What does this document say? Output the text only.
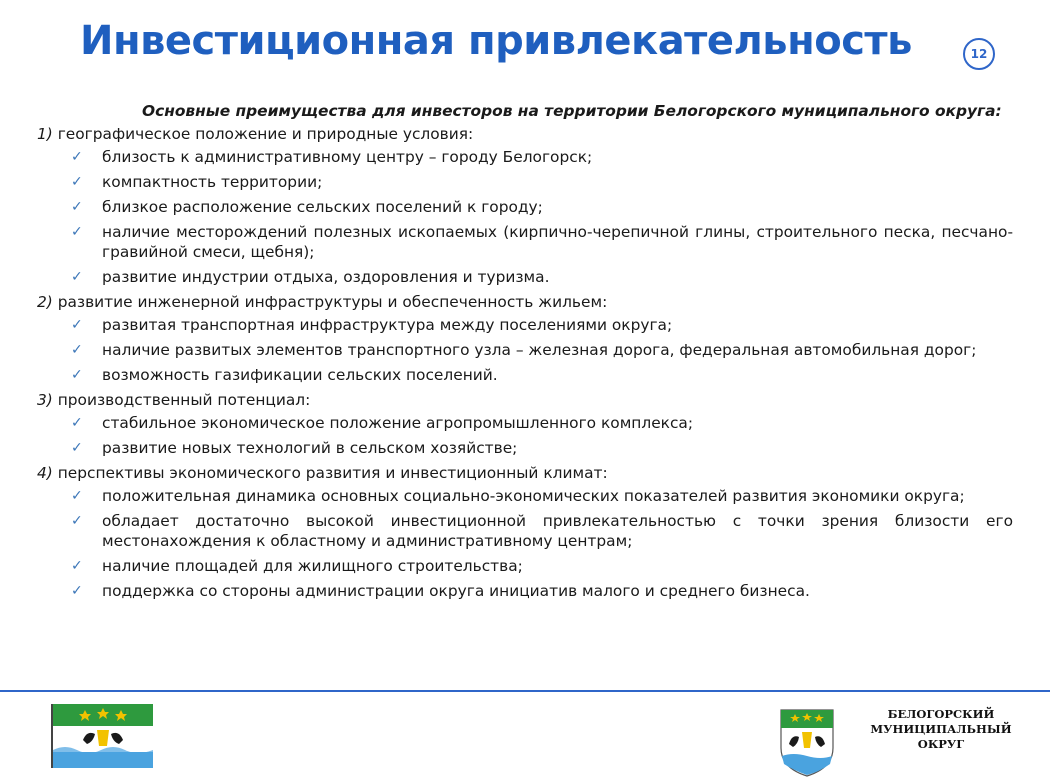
Инвестиционная привлекательность	12

Основные преимущества для инвесторов на территории Белогорского муниципального округа:

1) географическое положение и природные условия:
✓ близость к административному центру – городу Белогорск;
✓ компактность территории;
✓ близкое расположение сельских поселений к городу;
✓ наличие месторождений полезных ископаемых (кирпично-черепичной глины, строительного песка, песчано-гравийной смеси, щебня);
✓ развитие индустрии отдыха, оздоровления и туризма.
2) развитие инженерной инфраструктуры и обеспеченность жильем:
✓ развитая транспортная инфраструктура между поселениями округа;
✓ наличие развитых элементов транспортного узла – железная дорога, федеральная автомобильная дорог;
✓ возможность газификации сельских поселений.
3) производственный потенциал:
✓ стабильное экономическое положение агропромышленного комплекса;
✓ развитие новых технологий в сельском хозяйстве;
4) перспективы экономического развития и инвестиционный климат:
✓ положительная динамика основных социально-экономических показателей развития экономики округа;
✓ обладает достаточно высокой инвестиционной привлекательностью с точки зрения близости его местонахождения к областному и административному центрам;
✓ наличие площадей для жилищного строительства;
✓ поддержка со стороны администрации округа инициатив малого и среднего бизнеса.
БЕЛОГОРСКИЙ
МУНИЦИПАЛЬНЫЙ
ОКРУГ
